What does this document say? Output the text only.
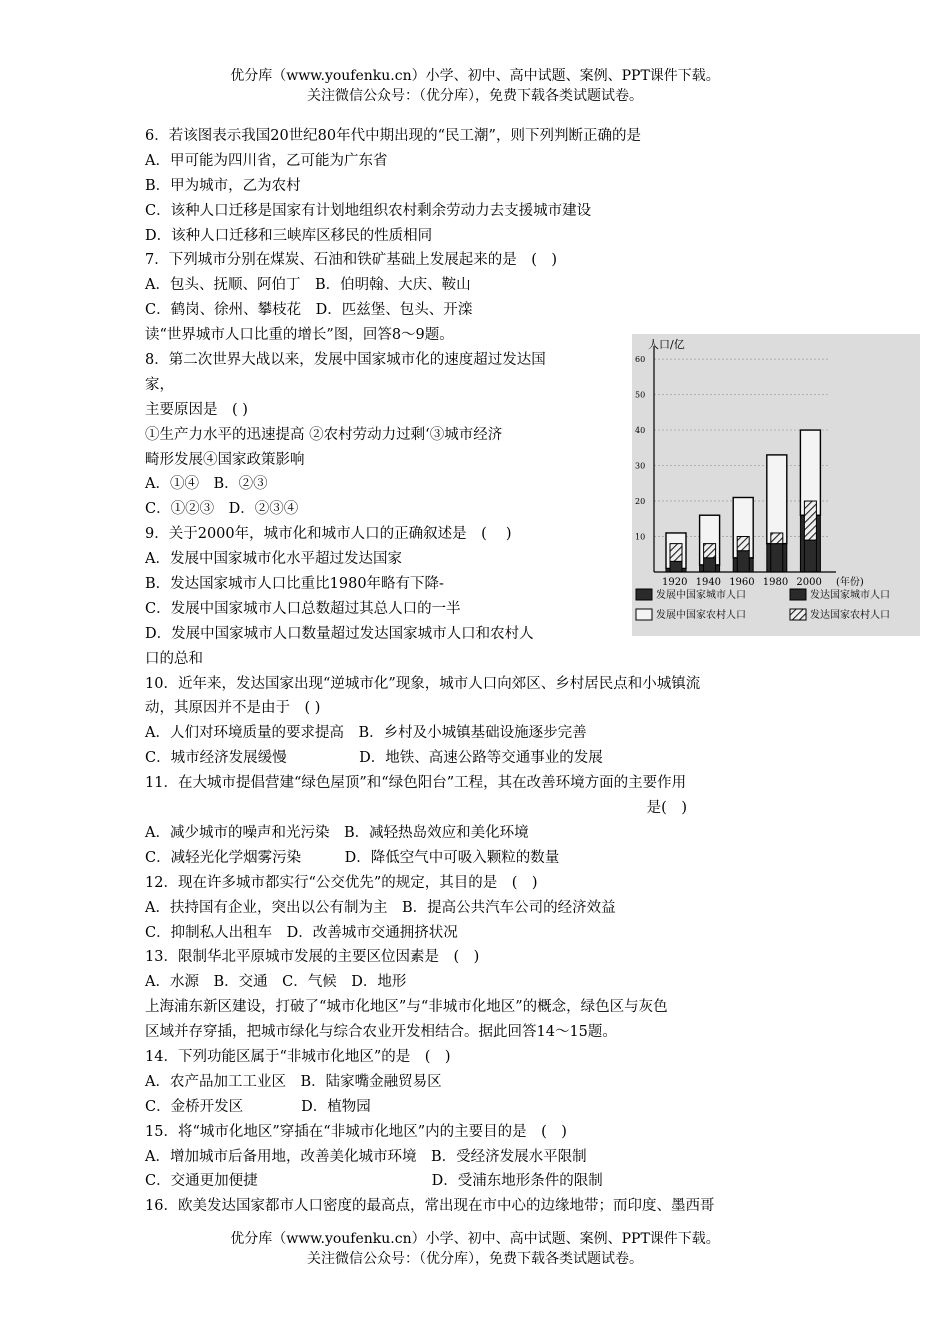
优分库（www.youfenku.cn）小学、初中、高中试题、案例、PPT课件下载。
关注微信公众号：（优分库），免费下载各类试题试卷。
6．若该图表示我国20世纪80年代中期出现的“民工潮”，则下列判断正确的是
A．甲可能为四川省，乙可能为广东省
B．甲为城市，乙为农村
C．该种人口迁移是国家有计划地组织农村剩余劳动力去支援城市建设
D．该种人口迁移和三峡库区移民的性质相同
7．下列城市分别在煤炭、石油和铁矿基础上发展起来的是　(　)
A．包头、抚顺、阿伯丁　B．伯明翰、大庆、鞍山
C．鹤岗、徐州、攀枝花　D．匹兹堡、包头、开滦
读“世界城市人口比重的增长”图，回答8～9题。
8．第二次世界大战以来，发展中国家城市化的速度超过发达国
家，
主要原因是　( )
①生产力水平的迅速提高 ②农村劳动力过剩‘③城市经济
畸形发展④国家政策影响
A．①④　B．②③
C．①②③　D．②③④
9．关于2000年，城市化和城市人口的正确叙述是　( 　)
A．发展中国家城市化水平超过发达国家
B．发达国家城市人口比重比1980年略有下降-
C．发展中国家城市人口总数超过其总人口的一半
D．发展中国家城市人口数量超过发达国家城市人口和农村人
口的总和
10．近年来，发达国家出现“逆城市化”现象，城市人口向郊区、乡村居民点和小城镇流
动，其原因并不是由于　( )
A．人们对环境质量的要求提高　B．乡村及小城镇基础设施逐步完善
C．城市经济发展缓慢　　　　　D．地铁、高速公路等交通事业的发展
11．在大城市提倡营建“绿色屋顶”和“绿色阳台”工程，其在改善环境方面的主要作用
是(　)
A．减少城市的噪声和光污染　B．减轻热岛效应和美化环境
C．减轻光化学烟雾污染　　　D．降低空气中可吸入颗粒的数量
12．现在许多城市都实行“公交优先”的规定，其目的是　(　)
A．扶持国有企业，突出以公有制为主　B．提高公共汽车公司的经济效益
C．抑制私人出租车　D．改善城市交通拥挤状况
13．限制华北平原城市发展的主要区位因素是　(　)
A．水源　B．交通　C．气候　D．地形
上海浦东新区建设，打破了“城市化地区”与“非城市化地区”的概念，绿色区与灰色
区域并存穿插，把城市绿化与综合农业开发相结合。据此回答14～15题。
14．下列功能区属于“非城市化地区”的是　(　)
A．农产品加工工业区　B．陆家嘴金融贸易区
C．金桥开发区　　　　D．植物园
15．将“城市化地区”穿插在“非城市化地区”内的主要目的是　(　)
A．增加城市后备用地，改善美化城市环境　B．受经济发展水平限制
C．交通更加便捷　　　　　　　　　　　　D．受浦东地形条件的限制
16．欧美发达国家都市人口密度的最高点，常出现在市中心的边缘地带；而印度、墨西哥
人口/亿
10
20
30
40
50
60
1920 1940 1960 1980 2000 (年份)
发展中国家城市人口	发达国家城市人口
发展中国家农村人口	发达国家农村人口
优分库（www.youfenku.cn）小学、初中、高中试题、案例、PPT课件下载。
关注微信公众号：（优分库），免费下载各类试题试卷。
